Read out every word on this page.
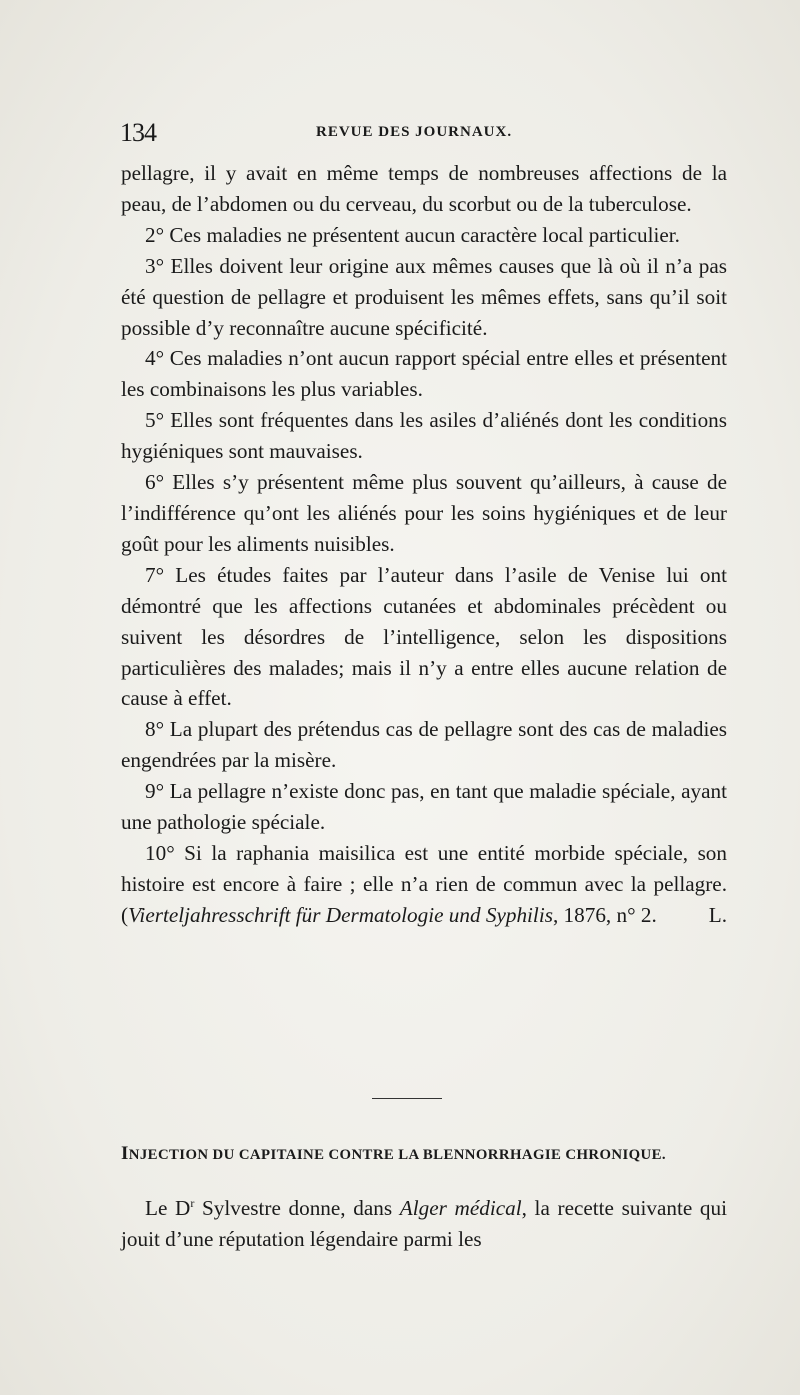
134	REVUE DES JOURNAUX.

pellagre, il y avait en même temps de nombreuses affections de la peau, de l’abdomen ou du cerveau, du scorbut ou de la tuberculose.

2° Ces maladies ne présentent aucun caractère local particulier.

3° Elles doivent leur origine aux mêmes causes que là où il n’a pas été question de pellagre et produisent les mêmes effets, sans qu’il soit possible d’y reconnaître aucune spécificité.

4° Ces maladies n’ont aucun rapport spécial entre elles et présentent les combinaisons les plus variables.

5° Elles sont fréquentes dans les asiles d’aliénés dont les conditions hygiéniques sont mauvaises.

6° Elles s’y présentent même plus souvent qu’ailleurs, à cause de l’indifférence qu’ont les aliénés pour les soins hygiéniques et de leur goût pour les aliments nuisibles.

7° Les études faites par l’auteur dans l’asile de Venise lui ont démontré que les affections cutanées et abdominales précèdent ou suivent les désordres de l’intelligence, selon les dispositions particulières des malades; mais il n’y a entre elles aucune relation de cause à effet.

8° La plupart des prétendus cas de pellagre sont des cas de maladies engendrées par la misère.

9° La pellagre n’existe donc pas, en tant que maladie spéciale, ayant une pathologie spéciale.

10° Si la raphania maisilica est une entité morbide spéciale, son histoire est encore à faire ; elle n’a rien de commun avec la pellagre. (Vierteljahresschrift für Dermatologie und Syphilis, 1876, n° 2.	L.

INJECTION DU CAPITAINE CONTRE LA BLENNORRHAGIE CHRONIQUE.

Le $D^r$ Sylvestre donne, dans Alger médical, la recette suivante qui jouit d’une réputation légendaire parmi les
